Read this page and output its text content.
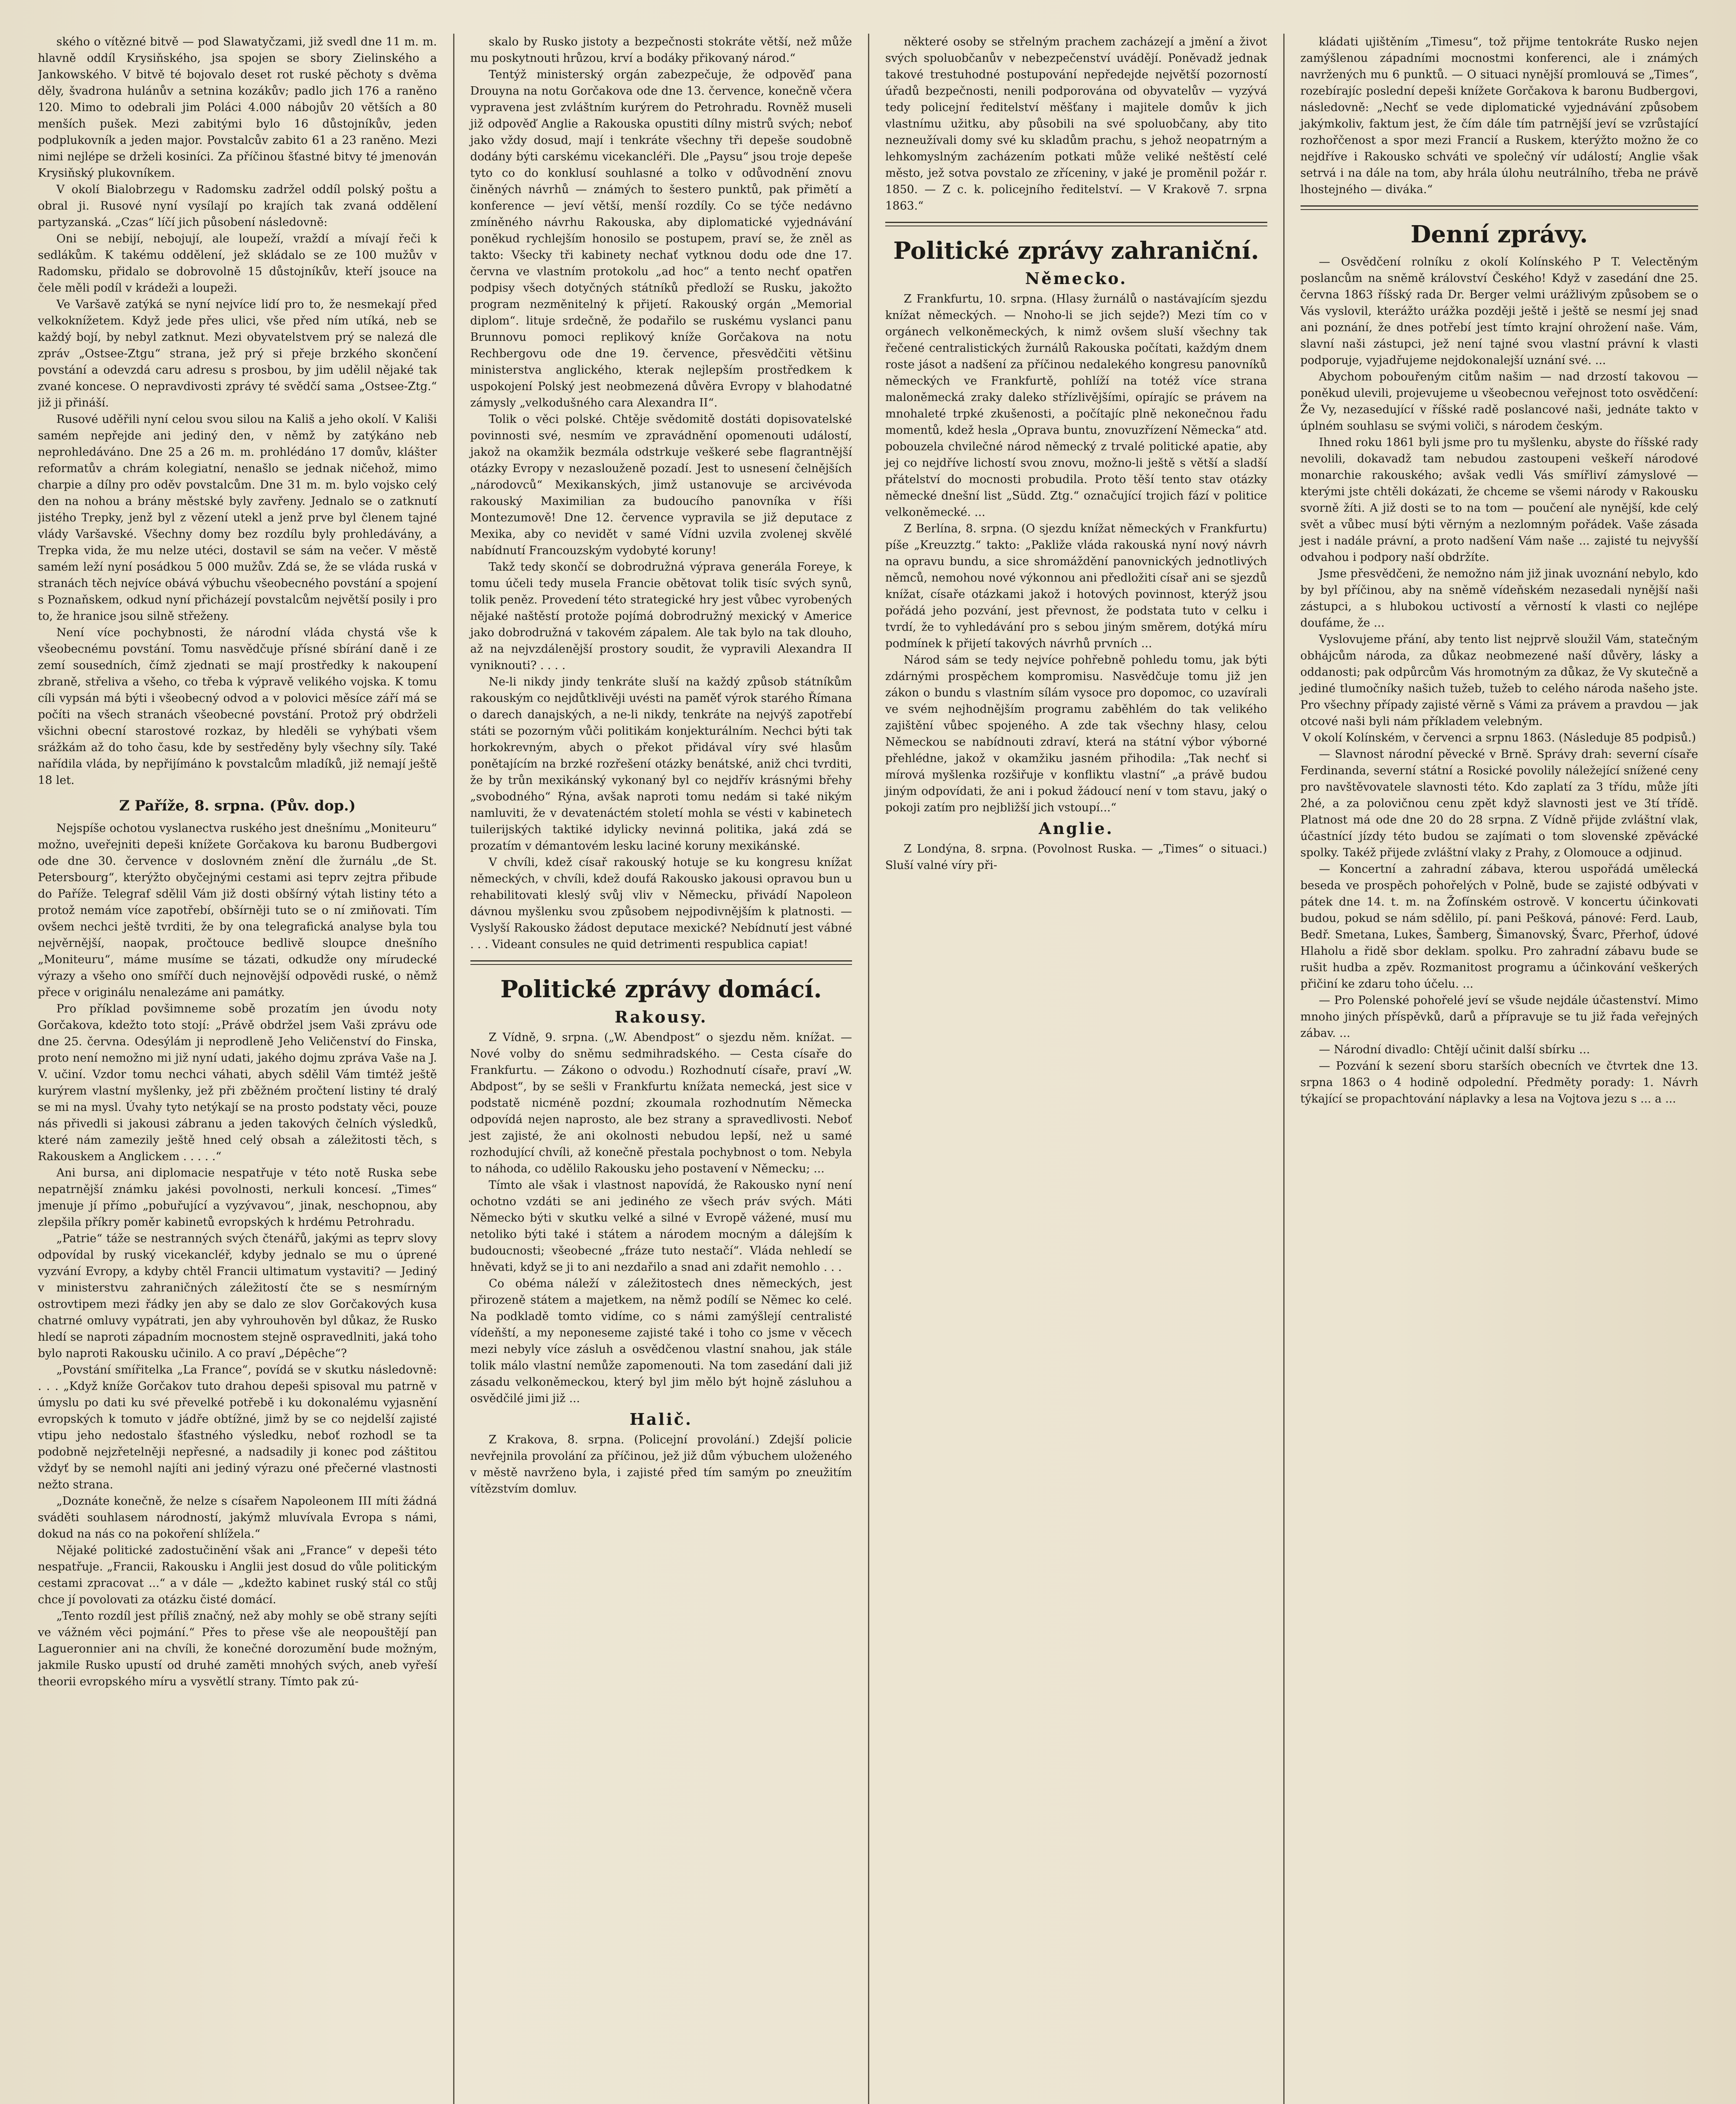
ského o vítězné bitvě — pod Slawatyčzami, již svedl dne 11 m. m. hlavně oddíl Krysiňského, jsa spojen se sbory Zielinského a Jankowského. V bitvě té bojovalo deset rot ruské pěchoty s dvěma děly, švadrona hulánův a setnina kozákův; padlo jich 176 a raněno 120. Mimo to odebrali jim Poláci 4.000 nábojův 20 větších a 80 menších pušek. Mezi zabitými bylo 16 důstojníkův, jeden podplukovník a jeden major. Povstalcův zabito 61 a 23 raněno. Mezi nimi nejlépe se drželi kosiníci. Za příčinou šťastné bitvy té jmenován Krysiňský plukovníkem.

V okolí Bialobrzegu v Radomsku zadržel oddíl polský poštu a obral ji. Rusové nyní vysílají po krajích tak zvaná oddělení partyzanská. „Czas“ líčí jich působení následovně:

Oni se nebijí, nebojují, ale loupeží, vraždí a mívají řeči k sedlákům. K takému oddělení, jež skládalo se ze 100 mužův v Radomsku, přidalo se dobrovolně 15 důstojníkův, kteří jsouce na čele měli podíl v krádeži a loupeži.

Ve Varšavě zatýká se nyní nejvíce lidí pro to, že nesmekají před velkoknížetem. Když jede přes ulici, vše před ním utíká, neb se každý bojí, by nebyl zatknut. Mezi obyvatelstvem prý se nalezá dle zpráv „Ostsee-Ztgu“ strana, jež prý si přeje brzkého skončení povstání a odevzdá caru adresu s prosbou, by jim udělil nějaké tak zvané koncese. O nepravdivosti zprávy té svědčí sama „Ostsee-Ztg.“ již ji přináší.

Rusové uděřili nyní celou svou silou na Kališ a jeho okolí. V Kališi samém nepřejde ani jediný den, v němž by zatýkáno neb neprohledáváno. Dne 25 a 26 m. m. prohlédáno 17 domův, klášter reformatův a chrám kolegiatní, nenašlo se jednak ničehož, mimo charpie a dílny pro oděv povstalcům. Dne 31 m. m. bylo vojsko celý den na nohou a brány městské byly zavřeny. Jednalo se o zatknutí jistého Trepky, jenž byl z vězení utekl a jenž prve byl členem tajné vlády Varšavské. Všechny domy bez rozdílu byly prohledávány, a Trepka vida, že mu nelze utéci, dostavil se sám na večer. V městě samém leží nyní posádkou 5 000 mužův. Zdá se, že se vláda ruská v stranách těch nejvíce obává výbuchu všeobecného povstání a spojení s Poznaňskem, odkud nyní přicházejí povstalcům největší posily i pro to, že hranice jsou silně střeženy.

Není více pochybnosti, že národní vláda chystá vše k všeobecnému povstání. Tomu nasvědčuje přísné sbírání daně i ze zemí sousedních, čímž zjednati se mají prostředky k nakoupení zbraně, střeliva a všeho, co třeba k výpravě velikého vojska. K tomu cíli vypsán má býti i všeobecný odvod a v polovici měsíce září má se počíti na všech stranách všeobecné povstání. Protož prý obdrželi všichni obecní starostové rozkaz, by hleděli se vyhýbati všem srážkám až do toho času, kde by sestředěny byly všechny síly. Také nařídila vláda, by nepřijímáno k povstalcům mladíků, již nemají ještě 18 let.

Z Paříže, 8. srpna. (Pův. dop.)

Nejspíše ochotou vyslanectva ruského jest dnešnímu „Moniteuru“ možno, uveřejniti depeši knížete Gorčakova ku baronu Budbergovi ode dne 30. července v doslovném znění dle žurnálu „de St. Petersbourg“, kterýžto obyčejnými cestami asi teprv zejtra přibude do Paříže. Telegraf sdělil Vám již dosti obšírný výtah listiny této a protož nemám více zapotřebí, obšírněji tuto se o ní zmiňovati. Tím ovšem nechci ještě tvrditi, že by ona telegrafická analyse byla tou nejvěrnější, naopak, pročtouce bedlivě sloupce dnešního „Moniteuru“, máme musíme se tázati, odkudže ony mírudecké výrazy a všeho ono smířčí duch nejnovější odpovědi ruské, o němž přece v originálu nenalezáme ani památky.

Pro příklad povšimneme sobě prozatím jen úvodu noty Gorčakova, kdežto toto stojí: „Právě obdržel jsem Vaši zprávu ode dne 25. června. Odesýlám ji neprodleně Jeho Veličenství do Finska, proto není nemožno mi již nyní udati, jakého dojmu zpráva Vaše na J. V. učiní. Vzdor tomu nechci váhati, abych sdělil Vám timtéž ještě kurýrem vlastní myšlenky, jež při zběžném pročtení listiny té dralý se mi na mysl. Úvahy tyto netýkají se na prosto podstaty věci, pouze nás přivedli si jakousi zábranu a jeden takových čelních výsledků, které nám zamezily ještě hned celý obsah a záležitosti těch, s Rakouskem a Anglickem . . . . .“

Ani bursa, ani diplomacie nespatřuje v této notě Ruska sebe nepatrnější známku jakési povolnosti, nerkuli koncesí. „Times“ jmenuje jí přímo „pobuřující a vyzývavou“, jinak, neschopnou, aby zlepšila příkry poměr kabinetů evropských k hrdému Petrohradu.

„Patrie“ táže se nestranných svých čtenářů, jakými as teprv slovy odpovídal by ruský vicekancléř, kdyby jednalo se mu o úprené vyzvání Evropy, a kdyby chtěl Francii ultimatum vystaviti? — Jediný v ministerstvu zahraničných záležitostí čte se s nesmírným ostrovtipem mezi řádky jen aby se dalo ze slov Gorčakových kusa chatrné omluvy vypátrati, jen aby vyhrouhověn byl důkaz, že Rusko hledí se naproti západním mocnostem stejně ospravedlniti, jaká toho bylo naproti Rakousku učinilo. A co praví „Dépêche“?

„Povstání smířitelka „La France“, povídá se v skutku následovně: . . . „Když kníže Gorčakov tuto drahou depeši spisoval mu patrně v úmyslu po dati ku své převelké potřebě i ku dokonalému vyjasnění evropských k tomuto v jádře obtížné, jimž by se co nejdelší zajisté vtipu jeho nedostalo šťastného výsledku, neboť rozhodl se ta podobně nejzřetelněji nepřesné, a nadsadily ji konec pod záštitou vždyť by se nemohl najíti ani jediný výrazu oné přečerné vlastnosti nežto strana.

„Doznáte konečně, že nelze s císařem Napoleonem III míti žádná sváděti souhlasem národností, jakýmž mluvívala Evropa s námi, dokud na nás co na pokoření shlížela.“

Nějaké politické zadostučinění však ani „France“ v depeši této nespatřuje. „Francii, Rakousku i Anglii jest dosud do vůle politickým cestami zpracovat ...“ a v dále — „kdežto kabinet ruský stál co stůj chce jí povolovati za otázku čisté domácí.

„Tento rozdíl jest příliš značný, než aby mohly se obě strany sejíti ve vážném věci pojmání.“ Přes to přese vše ale neopouštějí pan Lagueronnier ani na chvíli, že konečné dorozumění bude možným, jakmile Rusko upustí od druhé zaměti mnohých svých, aneb vyřeší theorii evropského míru a vysvětlí strany. Tímto pak zú-

skalo by Rusko jistoty a bezpečnosti stokráte větší, než může mu poskytnouti hrůzou, krví a bodáky přikovaný národ.“

Tentýž ministerský orgán zabezpečuje, že odpověď pana Drouyna na notu Gorčakova ode dne 13. července, konečně včera vypravena jest zvláštním kurýrem do Petrohradu. Rovněž museli již odpověď Anglie a Rakouska opustiti dílny mistrů svých; neboť jako vždy dosud, mají i tenkráte všechny tři depeše soudobně dodány býti carskému vicekancléři. Dle „Paysu“ jsou troje depeše tyto co do konklusí souhlasné a tolko v odůvodnění znovu činěných návrhů — známých to šestero punktů, pak přimětí a konference — jeví větší, menší rozdíly. Co se týče nedávno zmíněného návrhu Rakouska, aby diplomatické vyjednávání poněkud rychlejším honosilo se postupem, praví se, že zněl as takto: Všecky tři kabinety nechať vytknou dodu ode dne 17. června ve vlastním protokolu „ad hoc“ a tento nechť opatřen podpisy všech dotyčných státníků předloží se Rusku, jakožto program nezměnitelný k přijetí. Rakouský orgán „Memorial diplom“. lituje srdečně, že podařilo se ruskému vyslanci panu Brunnovu pomoci replikový kníže Gorčakova na notu Rechbergovu ode dne 19. července, přesvědčiti většinu ministerstva anglického, kterak nejlepším prostředkem k uspokojení Polský jest neobmezená důvěra Evropy v blahodatné zámysly „velkodušného cara Alexandra II“.

Tolik o věci polské. Chtěje svědomitě dostáti dopisovatelské povinnosti své, nesmím ve zpravádnění opomenouti událostí, jakož na okamžik bezmála odstrkuje veškeré sebe flagrantnější otázky Evropy v nezaslouženě pozadí. Jest to usnesení čelnějších „národovců“ Mexikanských, jimž ustanovuje se arcivévoda rakouský Maximilian za budoucího panovníka v říši Montezumově! Dne 12. července vypravila se již deputace z Mexika, aby co nevidět v samé Vídni uzvila zvolenej skvělé nabídnutí Francouzským vydobyté koruny!

Takž tedy skončí se dobrodružná výprava generála Foreye, k tomu účeli tedy musela Francie obětovat tolik tisíc svých synů, tolik peněz. Provedení této strategické hry jest vůbec vyrobených nějaké naštěstí protože pojímá dobrodružný mexický v Americe jako dobrodružná v takovém zápalem. Ale tak bylo na tak dlouho, až na nejvzdálenější prostory soudit, že vypravili Alexandra II vyniknouti? . . . .

Ne-li nikdy jindy tenkráte sluší na každý způsob státníkům rakouským co nejdůtklivěji uvésti na paměť výrok starého Římana o darech danajských, a ne-li nikdy, tenkráte na nejvýš zapotřebí státi se pozorným vůči politikám konjekturálním. Nechci býti tak horkokrevným, abych o překot přidával víry své hlasům ponětajícím na brzké rozřešení otázky benátské, aniž chci tvrditi, že by trůn mexikánský vykonaný byl co nejdřív krásnými břehy „svobodného“ Rýna, avšak naproti tomu nedám si také nikým namluviti, že v devatenáctém století mohla se vésti v kabinetech tuilerijských taktiké idylicky nevinná politika, jaká zdá se prozatím v démantovém lesku laciné koruny mexikánské.

V chvíli, kdež císař rakouský hotuje se ku kongresu knížat německých, v chvíli, kdež doufá Rakousko jakousi opravou bun u rehabilitovati kleslý svůj vliv v Německu, přivádí Napoleon dávnou myšlenku svou způsobem nejpodivnějším k platnosti. — Vyslyší Rakousko žádost deputace mexické? Nebídnutí jest vábné . . . Videant consules ne quid detrimenti respublica capiat!

Politické zprávy domácí.
Rakousy.

Z Vídně, 9. srpna. („W. Abendpost“ o sjezdu něm. knížat. — Nové volby do sněmu sedmihradského. — Cesta císaře do Frankfurtu. — Zákono o odvodu.) Rozhodnutí císaře, praví „W. Abdpost“, by se sešli v Frankfurtu knížata nemecká, jest sice v podstatě nicméně pozdní; zkoumala rozhodnutím Německa odpovídá nejen naprosto, ale bez strany a spravedlivosti. Neboť jest zajisté, že ani okolnosti nebudou lepší, než u samé rozhodující chvíli, až konečně přestala pochybnost o tom. Nebyla to náhoda, co udělilo Rakousku jeho postavení v Německu; ...

Tímto ale však i vlastnost napovídá, že Rakousko nyní není ochotno vzdáti se ani jediného ze všech práv svých. Máti Německo býti v skutku velké a silné v Evropě vážené, musí mu netoliko býti také i státem a národem mocným a dálejším k budoucnosti; všeobecné „fráze tuto nestačí“. Vláda nehledí se hněvati, když se ji to ani nezdařilo a snad ani zdařit nemohlo . . .

Co obéma náleží v záležitostech dnes německých, jest přirozeně státem a majetkem, na němž podílí se Němec ko celé. Na podkladě tomto vidíme, co s námi zamýšlejí centralisté vídeňští, a my neponeseme zajisté také i toho co jsme v věcech mezi nebyly více zásluh a osvědčenou vlastní snahou, jak stále tolik málo vlastní nemůže zapomenouti. Na tom zasedání dali již zásadu velkoněmeckou, který byl jim mělo být hojně zásluhou a osvědčilé jimi již ...

Halič.

Z Krakova, 8. srpna. (Policejní provolání.) Zdejší policie nevřejnila provolání za příčinou, jež již dům výbuchem uloženého v městě navrženo byla, i zajisté před tím samým po zneužitím vítězstvím domluv.

některé osoby se střelným prachem zacházejí a jmění a život svých spoluobčanův v nebezpečenství uvádějí. Poněvadž jednak takové trestuhodné postupování nepředejde největší pozorností úřadů bezpečnosti, nenili podporována od obyvatelův — vyzývá tedy policejní ředitelství měšťany i majitele domův k jich vlastnímu užitku, aby působili na své spoluobčany, aby tito nezneužívali domy své ku skladům prachu, s jehož neopatrným a lehkomyslným zacházením potkati může veliké neštěstí celé město, jež sotva povstalo ze zříceniny, v jaké je proměnil požár r. 1850. — Z c. k. policejního ředitelství. — V Krakově 7. srpna 1863.“

Politické zprávy zahraniční.
Německo.

Z Frankfurtu, 10. srpna. (Hlasy žurnálů o nastávajícím sjezdu knížat německých. — Nnoho-li se jich sejde?) Mezi tím co v orgánech velkoněmeckých, k nimž ovšem sluší všechny tak řečené centralistických žurnálů Rakouska počítati, každým dnem roste jásot a nadšení za příčinou nedalekého kongresu panovníků německých ve Frankfurtě, pohlíží na totéž více strana maloněmecká zraky daleko střízlivějšími, opírajíc se právem na mnohaleté trpké zkušenosti, a počítajíc plně nekonečnou řadu momentů, kdež hesla „Oprava buntu, znovuzřízení Německa“ atd. pobouzela chvilečné národ německý z trvalé politické apatie, aby jej co nejdříve lichostí svou znovu, možno-li ještě s větší a sladší přátelství do mocnosti probudila. Proto těší tento stav otázky německé dnešní list „Südd. Ztg.“ označující trojich fází v politice velkoněmecké. ...

Z Berlína, 8. srpna. (O sjezdu knížat německých v Frankfurtu) píše „Kreuzztg.“ takto: „Pakliže vláda rakouská nyní nový návrh na opravu bundu, a sice shromáždění panovnických jednotlivých němců, nemohou nové výkonnou ani předložiti císař ani se sjezdů knížat, císaře otázkami jakož i hotových povinnost, kterýž jsou pořádá jeho pozvání, jest převnost, že podstata tuto v celku i tvrdí, že to vyhledávání pro s sebou jiným směrem, dotýká míru podmínek k přijetí takových návrhů prvních ...

Národ sám se tedy nejvíce pohřebně pohledu tomu, jak býti zdárnými prospěchem kompromisu. Nasvědčuje tomu již jen zákon o bundu s vlastním sílám vysoce pro dopomoc, co uzavírali ve svém nejhodnějším programu zaběhlém do tak velikého zajištění vůbec spojeného. A zde tak všechny hlasy, celou Německou se nabídnouti zdraví, která na státní výbor výborné přehlédne, jakož v okamžiku jasném přihodila: „Tak nechť si mírová myšlenka rozšiřuje v konfliktu vlastní“ „a právě budou jiným odpovídati, že ani i pokud žádoucí není v tom stavu, jaký o pokoji zatím pro nejbližší jich vstoupí...“

Anglie.

Z Londýna, 8. srpna. (Povolnost Ruska. — „Times“ o situaci.) Sluší valné víry při-

kládati ujištěním „Timesu“, tož přijme tentokráte Rusko nejen zamýšlenou západními mocnostmi konferenci, ale i známých navržených mu 6 punktů. — O situaci nynější promlouvá se „Times“, rozebírajíc poslední depeši knížete Gorčakova k baronu Budbergovi, následovně: „Nechť se vede diplomatické vyjednávání způsobem jakýmkoliv, faktum jest, že čím dále tím patrnější jeví se vzrůstající rozhořčenost a spor mezi Francií a Ruskem, kterýžto možno že co nejdříve i Rakousko schváti ve společný vír událostí; Anglie však setrvá i na dále na tom, aby hrála úlohu neutrálního, třeba ne právě lhostejného — diváka.“

Denní zprávy.

— Osvědčení rolníku z okolí Kolínského P T. Velectěným poslancům na sněmě království Českého! Když v zasedání dne 25. června 1863 říšský rada Dr. Berger velmi urážlivým způsobem se o Vás vyslovil, kterážto urážka později ještě i ještě se nesmí jej snad ani poznání, že dnes potřebí jest tímto krajní ohrožení naše. Vám, slavní naši zástupci, jež není tajné svou vlastní právní k vlasti podporuje, vyjadřujeme nejdokonalejší uznání své. ...

Abychom pobouřeným citům našim — nad drzostí takovou — poněkud ulevili, projevujeme u všeobecnou veřejnost toto osvědčení: Že Vy, nezasedující v říšské radě poslancové naši, jednáte takto v úplném souhlasu se svými voliči, s národem českým.

Ihned roku 1861 byli jsme pro tu myšlenku, abyste do říšské rady nevolili, dokavadž tam nebudou zastoupeni veškeří národové monarchie rakouského; avšak vedli Vás smířliví zámyslové — kterými jste chtěli dokázati, že chceme se všemi národy v Rakousku svorně žíti. A již dosti se to na tom — poučení ale nynější, kde celý svět a vůbec musí býti věrným a nezlomným pořádek. Vaše zásada jest i nadále právní, a proto nadšení Vám naše ... zajisté tu nejvyšší odvahou i podpory naší obdržíte.

Jsme přesvědčeni, že nemožno nám již jinak uvoznání nebylo, kdo by byl příčinou, aby na sněmě vídeňském nezasedali nynější naši zástupci, a s hlubokou uctivostí a věrností k vlasti co nejlépe doufáme, že ...

Vyslovujeme přání, aby tento list nejprvě sloužil Vám, statečným obhájcům národa, za důkaz neobmezené naší důvěry, lásky a oddanosti; pak odpůrcům Vás hromotným za důkaz, že Vy skutečně a jediné tlumočníky našich tužeb, tužeb to celého národa našeho jste. Pro všechny případy zajisté věrně s Vámi za právem a pravdou — jak otcové naši byli nám příkladem velebným.

V okolí Kolínském, v červenci a srpnu 1863. (Následuje 85 podpisů.)

— Slavnost národní pěvecké v Brně. Správy drah: severní císaře Ferdinanda, severní státní a Rosické povolily náležející snížené ceny pro navštěvovatele slavnosti této. Kdo zaplatí za 3 třídu, může jíti 2hé, a za polovičnou cenu zpět když slavnosti jest ve 3tí třídě. Platnost má ode dne 20 do 28 srpna. Z Vídně přijde zvláštní vlak, účastnící jízdy této budou se zajímati o tom slovenské zpěvácké spolky. Takéž přijede zvláštní vlaky z Prahy, z Olomouce a odjinud.

— Koncertní a zahradní zábava, kterou uspořádá umělecká beseda ve prospěch pohořelých v Polně, bude se zajisté odbývati v pátek dne 14. t. m. na Žofínském ostrově. V koncertu účinkovati budou, pokud se nám sdělilo, pí. pani Pešková, pánové: Ferd. Laub, Bedř. Smetana, Lukes, Šamberg, Šimanovský, Švarc, Přerhof, údové Hlaholu a řidě sbor deklam. spolku. Pro zahradní zábavu bude se rušit hudba a zpěv. Rozmanitost programu a účinkování veškerých přičiní ke zdaru toho účelu. ...

— Pro Polenské pohořelé jeví se všude nejdále účastenství. Mimo mnoho jiných příspěvků, darů a přípravuje se tu již řada veřejných zábav. ...

— Národní divadlo: Chtějí učinit další sbírku ...

— Pozvání k sezení sboru starších obecních ve čtvrtek dne 13. srpna 1863 o 4 hodině odpolední. Předměty porady: 1. Návrh týkající se propachtování náplavky a lesa na Vojtova jezu s ... a ...
